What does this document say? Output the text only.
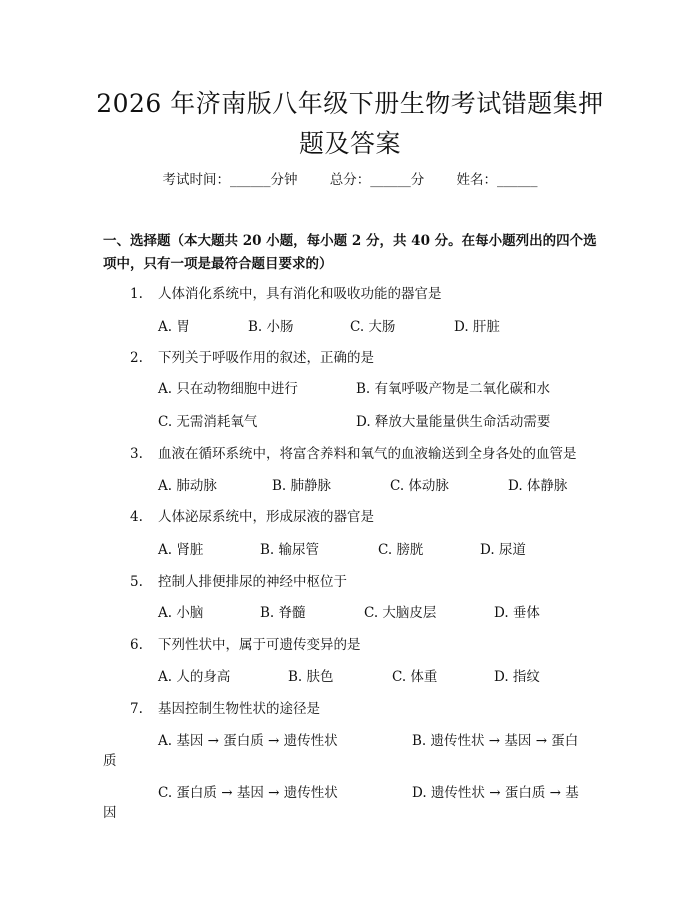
2026 年济南版八年级下册生物考试错题集押
题及答案
考试时间：______分钟 总分：______分 姓名：______
一、选择题（本大题共 20 小题，每小题 2 分，共 40 分。在每小题列出的四个选
项中，只有一项是最符合题目要求的）
1. 人体消化系统中，具有消化和吸收功能的器官是
A. 胃	B. 小肠	C. 大肠	D. 肝脏
2. 下列关于呼吸作用的叙述，正确的是
A. 只在动物细胞中进行	B. 有氧呼吸产物是二氧化碳和水
C. 无需消耗氧气	D. 释放大量能量供生命活动需要
3. 血液在循环系统中，将富含养料和氧气的血液输送到全身各处的血管是
A. 肺动脉	B. 肺静脉	C. 体动脉	D. 体静脉
4. 人体泌尿系统中，形成尿液的器官是
A. 肾脏	B. 输尿管	C. 膀胱	D. 尿道
5. 控制人排便排尿的神经中枢位于
A. 小脑	B. 脊髓	C. 大脑皮层	D. 垂体
6. 下列性状中，属于可遗传变异的是
A. 人的身高	B. 肤色	C. 体重	D. 指纹
7. 基因控制生物性状的途径是
A. 基因 → 蛋白质 → 遗传性状	B. 遗传性状 → 基因 → 蛋白
质
C. 蛋白质 → 基因 → 遗传性状	D. 遗传性状 → 蛋白质 → 基
因
